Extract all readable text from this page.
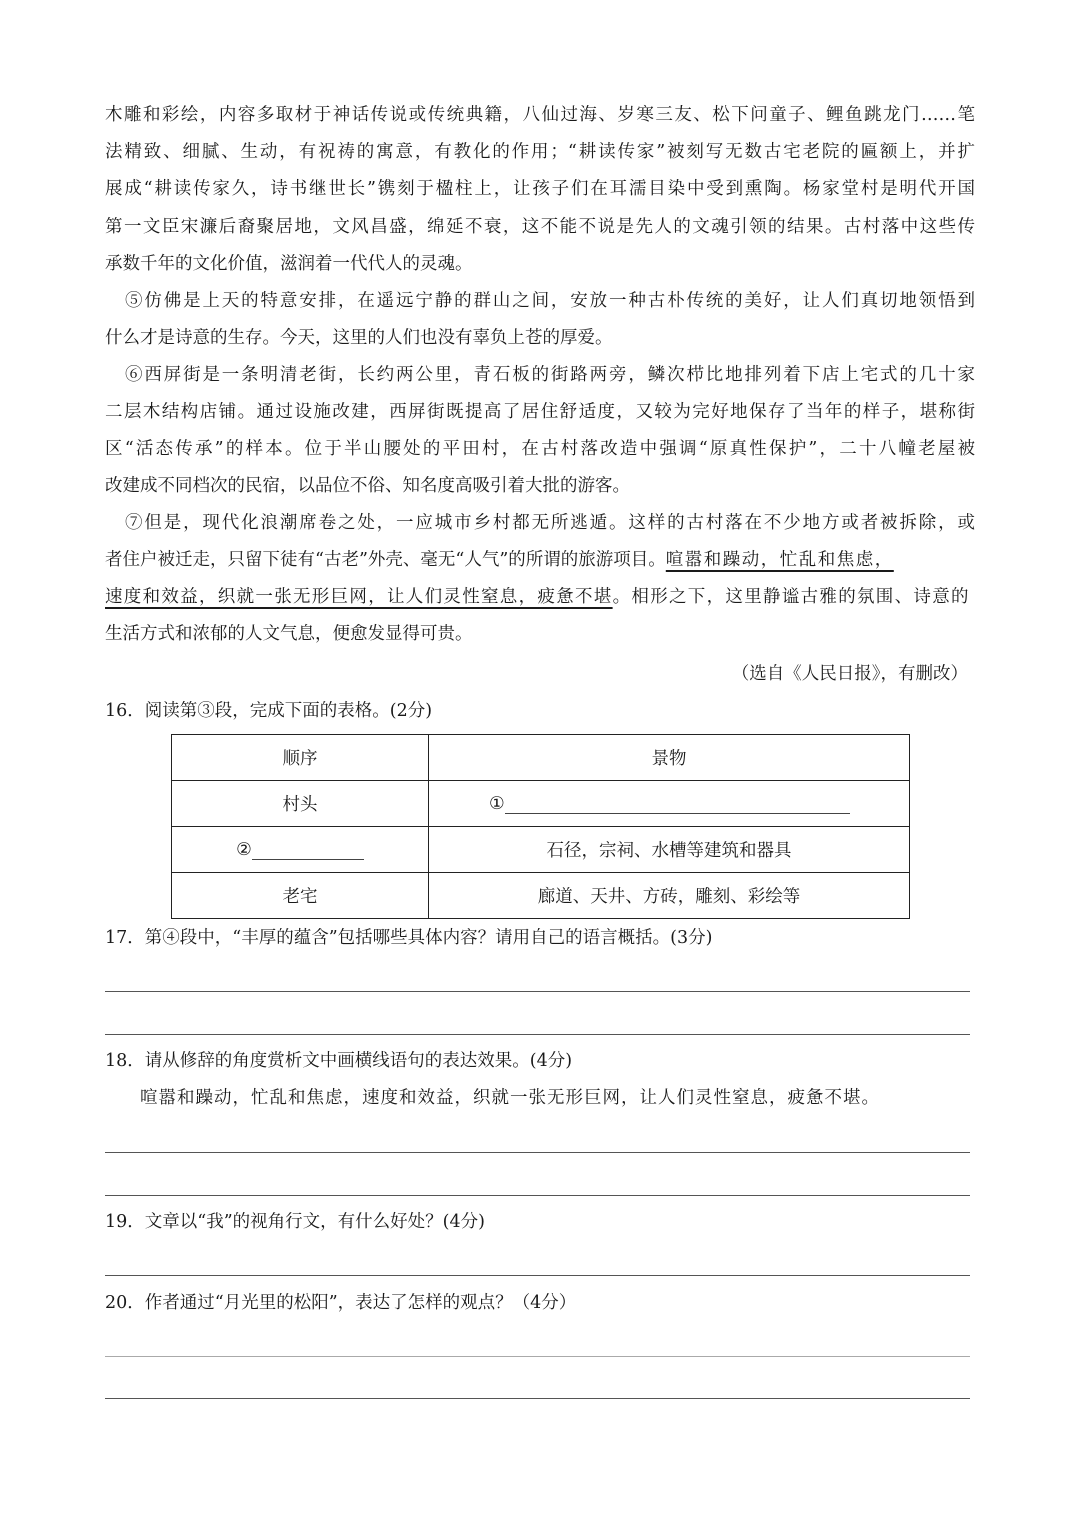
木雕和彩绘，内容多取材于神话传说或传统典籍，八仙过海、岁寒三友、松下问童子、鲤鱼跳龙门……笔
法精致、细腻、生动，有祝祷的寓意，有教化的作用；“耕读传家”被刻写无数古宅老院的匾额上，并扩
展成“耕读传家久，诗书继世长”镌刻于楹柱上，让孩子们在耳濡目染中受到熏陶。杨家堂村是明代开国
第一文臣宋濂后裔聚居地，文风昌盛，绵延不衰，这不能不说是先人的文魂引领的结果。古村落中这些传
承数千年的文化价值，滋润着一代代人的灵魂。
⑤仿佛是上天的特意安排，在遥远宁静的群山之间，安放一种古朴传统的美好，让人们真切地领悟到
什么才是诗意的生存。今天，这里的人们也没有辜负上苍的厚爱。
⑥西屏街是一条明清老街，长约两公里，青石板的街路两旁，鳞次栉比地排列着下店上宅式的几十家
二层木结构店铺。通过设施改建，西屏街既提高了居住舒适度，又较为完好地保存了当年的样子，堪称街
区“活态传承”的样本。位于半山腰处的平田村，在古村落改造中强调“原真性保护”，二十八幢老屋被
改建成不同档次的民宿，以品位不俗、知名度高吸引着大批的游客。
⑦但是，现代化浪潮席卷之处，一应城市乡村都无所逃遁。这样的古村落在不少地方或者被拆除，或
者住户被迁走，只留下徒有“古老”外壳、毫无“人气”的所谓的旅游项目。喧嚣和躁动，忙乱和焦虑，
速度和效益，织就一张无形巨网，让人们灵性窒息，疲惫不堪。相形之下，这里静谧古雅的氛围、诗意的
生活方式和浓郁的人文气息，便愈发显得可贵。
（选自《人民日报》，有删改）
16．阅读第③段，完成下面的表格。(2分)
顺序	景物
村头	①
②	石径，宗祠、水槽等建筑和器具
老宅	廊道、天井、方砖，雕刻、彩绘等
17．第④段中，“丰厚的蕴含”包括哪些具体内容？请用自己的语言概括。(3分)
18．请从修辞的角度赏析文中画横线语句的表达效果。(4分)
喧嚣和躁动，忙乱和焦虑，速度和效益，织就一张无形巨网，让人们灵性窒息，疲惫不堪。
19．文章以“我”的视角行文，有什么好处？(4分)
20．作者通过“月光里的松阳”，表达了怎样的观点？（4分）
